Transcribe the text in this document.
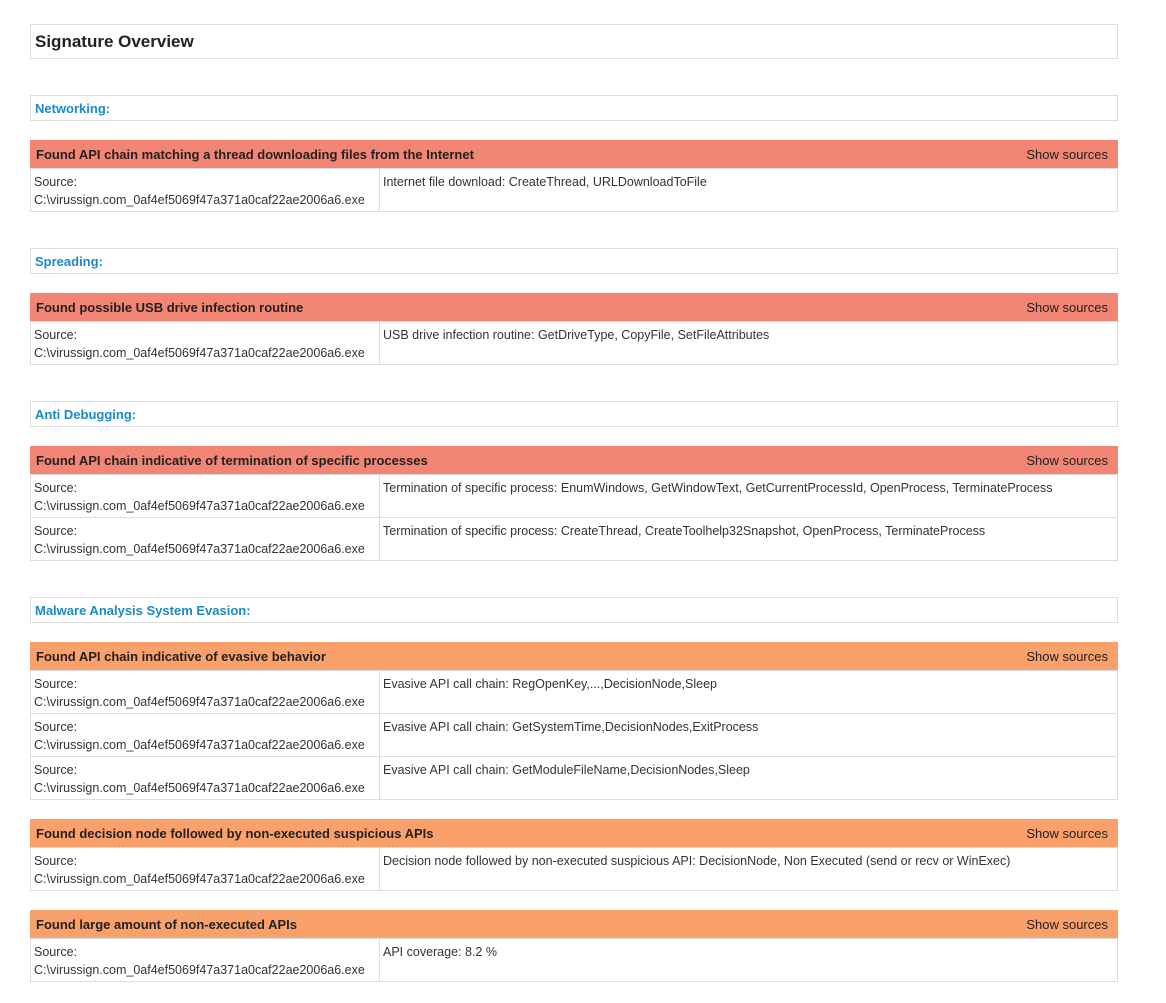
Signature Overview
Networking:
Found API chain matching a thread downloading files from the Internet	Show sources
Source:
C:\virussign.com_0af4ef5069f47a371a0caf22ae2006a6.exe
	Internet file download: CreateThread, URLDownloadToFile
Spreading:
Found possible USB drive infection routine	Show sources
Source:
C:\virussign.com_0af4ef5069f47a371a0caf22ae2006a6.exe
	USB drive infection routine: GetDriveType, CopyFile, SetFileAttributes
Anti Debugging:
Found API chain indicative of termination of specific processes	Show sources
Source:
C:\virussign.com_0af4ef5069f47a371a0caf22ae2006a6.exe	Termination of specific process: EnumWindows, GetWindowText, GetCurrentProcessId, OpenProcess, TerminateProcess

Source:
C:\virussign.com_0af4ef5069f47a371a0caf22ae2006a6.exe	Termination of specific process: CreateThread, CreateToolhelp32Snapshot, OpenProcess, TerminateProcess
Malware Analysis System Evasion:
Found API chain indicative of evasive behavior	Show sources
Source:
C:\virussign.com_0af4ef5069f47a371a0caf22ae2006a6.exe	Evasive API call chain: RegOpenKey,...,DecisionNode,Sleep

Source:
C:\virussign.com_0af4ef5069f47a371a0caf22ae2006a6.exe	Evasive API call chain: GetSystemTime,DecisionNodes,ExitProcess

Source:
C:\virussign.com_0af4ef5069f47a371a0caf22ae2006a6.exe	Evasive API call chain: GetModuleFileName,DecisionNodes,Sleep
Found decision node followed by non-executed suspicious APIs	Show sources
Source:
C:\virussign.com_0af4ef5069f47a371a0caf22ae2006a6.exe
	Decision node followed by non-executed suspicious API: DecisionNode, Non Executed (send or recv or WinExec)
Found large amount of non-executed APIs	Show sources
Source:
C:\virussign.com_0af4ef5069f47a371a0caf22ae2006a6.exe
	API coverage: 8.2 %
